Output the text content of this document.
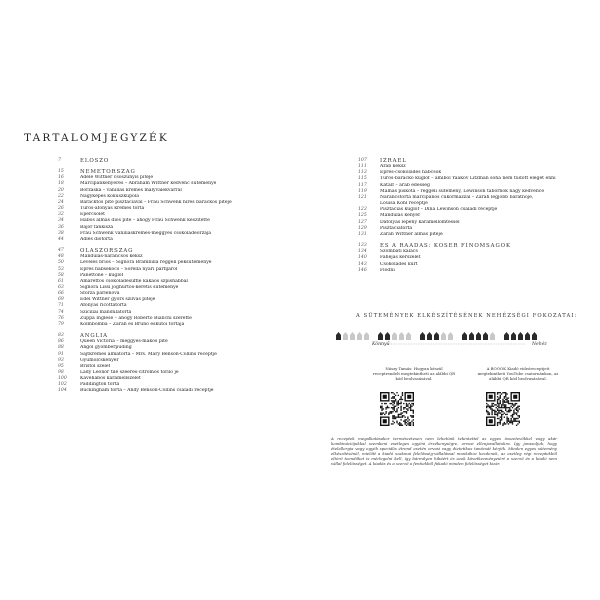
TARTALOMJEGYZÉK
7	ELŐSZÓ
15	NÉMETORSZÁG
16	Adele Wittner csoszunyis pitéje
18	Marcipánkenyeres – Abraham Wittner kedvenc süteménye
20	Borzaska – vaníliás krémes mályvalekvárral
22	Nagyképes kókuszkupola
24	Baracktos pite pisztáciával – Frau Schwenk híres barackos pitéje
26	Túrós-áfonyás krémes torta
32	Epercsólet
34	Habos almás diós pite – ahogy Frau Schwenk készítette
36	Bajor fánkiszа
38	Frau Schwenk vaníliáskrémes-meggyes csokoládéórzája
44	Adles diótorta
47	OLASZORSZÁG
48	Mandulás-narancsos keksz
50	Leveles briós – Signora Brambilla reggeli péksüteménye
53	Epres habsekocs – Sorella nyári parfijáról
58	Panettone – kuglóf
61	Amarettós csokoládésuffle kakaós szpishabbal
63	Signora Lissi joghurtos-kéretis süteménye
66	Sforza parlénova
69	Edel Wittner gyors szilvás pitéje
71	Áfonyás ricottatorta
74	Szicíliai mandulatorta
76	Zuppa Inglese – ahogy Roberto Bianchi szerette
79	Kolmbomba – Zarah és Bruno eskütői tortája
83	ANGLIA
86	Queen Victoria – meggyes-mákos pite
88	Angol gyömbérpuding
91	Sajtkrémes almatorta – Mrs. Mary Benson-Collins receptje
93	Gyümölcskenyér
95	Bristol szelet
98	Lady Leonór tile szeéres-citromos torilo je
100	Kávéhabos karamellszelet
102	Paddington torta
104	Buckingham torta – Andy Benson-Collins családi receptje
107	IZRAEL
111	Arab keksz
113	Epres-csokoládés habcsók
115	Túrós-baracko kuglóf – amiből Yaakov Litzman soha nem tudott eleget enni
117	Katalf – arab édesség
119	Málnás piskóta – reggeli sütemény, Lewinson tábornok nagy kedvence
121	Narancstorta marcipános cukormázzal – Zarah legjobb barátnője,
Louisa Kohl receptje
123	Pisztáciás kuglóf – Dina Lewinson családi receptje
125	Mandulás kenyér
127	Datolyás lepény karamellömtessel
129	Pisztáciatorta
131	Zarah Wittner almás pitéje
133	ÉS A RÁADÁS: KÓSER FINOMSÁGOK
134	Szombati kalács
140	Fahéjas kérszelet
143	Csokoládés kürt
146	Flódni
A SÜTEMÉNYEK ELKÉSZÍTÉSÉNEK NEHÉZSÉGI FOKOZATAI:
Könnyű	Nehéz
Nászy Tamás: Hogyan készül receptrendelt megtekintheti az alábbi QR kód beolvasásával.
A BOOOK Kiadó videóreceptjeit megtekintheti YouTube csatornánkon, az alábbi QR kód beolvasásával.
A receptek megalkotásakor természetesen nem lehetünk tekintettel az egyes összetevőkkel vagy akár kombinációjukkal szembeni esetleges egyéni érzékenységre, orvosi ellenjavallatokra. Így javasoljuk, hogy ételallergia vagy egyéb speciális étrend esetén orvosi vagy dietetikus tanácsát kérjék. Minden egyes sütemény elkészítésénél, mielőtt a kiadó szakmai felelősség-vállalással munkához kezdenek, az esetleg régi receptekből eltérő teendőket is mérlegelni kell, így bármilyen hibáért és azok következményeiért a szerző és a kiadó nem vállal felelősséget. A kiadás és a szerző a fentiekből fakadó minden felelősséget kizár.
